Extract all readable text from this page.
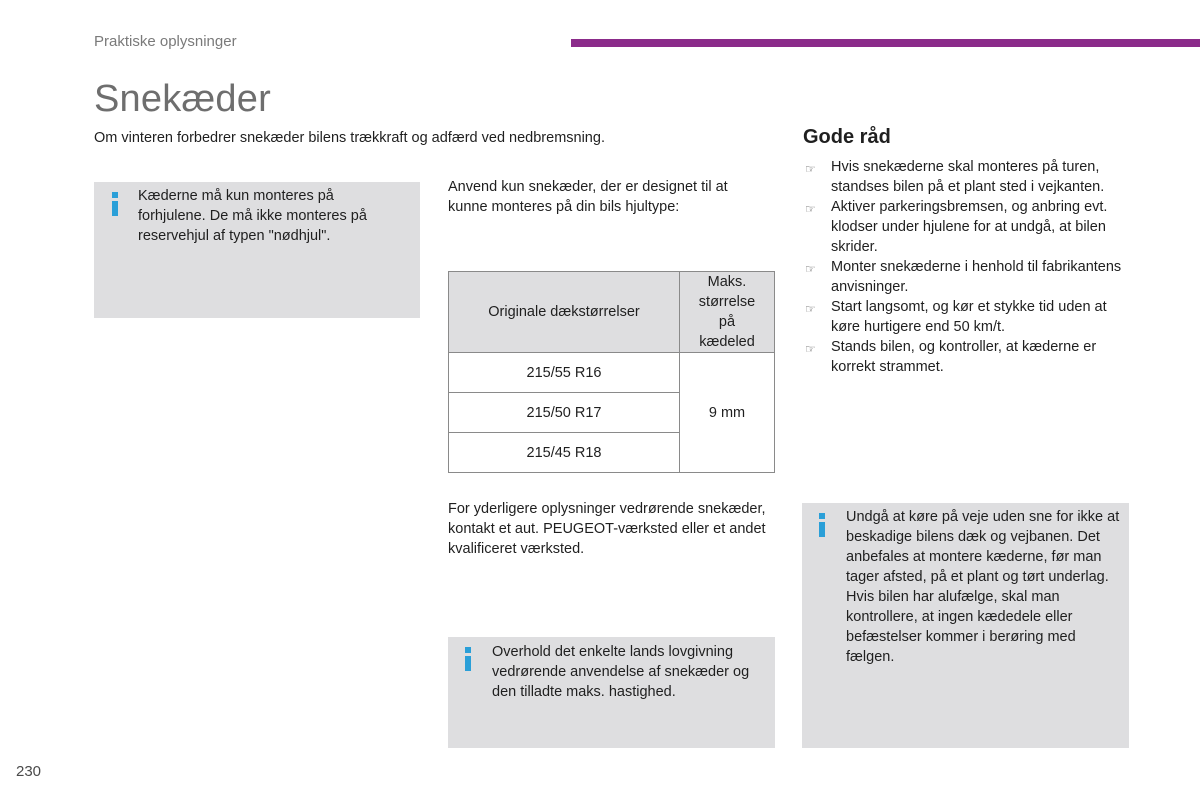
Praktiske oplysninger
Snekæder
Om vinteren forbedrer snekæder bilens trækkraft og adfærd ved nedbremsning.
Kæderne må kun monteres på forhjulene. De må ikke monteres på reservehjul af typen "nødhjul".
Anvend kun snekæder, der er designet til at kunne monteres på din bils hjultype:
Originale dækstørrelser	Maks. størrelse på kædeled
215/55 R16	9 mm
215/50 R17	
215/45 R18	
For yderligere oplysninger vedrørende snekæder, kontakt et aut. PEUGEOT-værksted eller et andet kvalificeret værksted.
Overhold det enkelte lands lovgivning vedrørende anvendelse af snekæder og den tilladte maks. hastighed.
Gode råd
☞ Hvis snekæderne skal monteres på turen, standses bilen på et plant sted i vejkanten.
☞ Aktiver parkeringsbremsen, og anbring evt. klodser under hjulene for at undgå, at bilen skrider.
☞ Monter snekæderne i henhold til fabrikantens anvisninger.
☞ Start langsomt, og kør et stykke tid uden at køre hurtigere end 50 km/t.
☞ Stands bilen, og kontroller, at kæderne er korrekt strammet.
Undgå at køre på veje uden sne for ikke at beskadige bilens dæk og vejbanen. Det anbefales at montere kæderne, før man tager afsted, på et plant og tørt underlag. Hvis bilen har alufælge, skal man kontrollere, at ingen kædedele eller befæstelser kommer i berøring med fælgen.
230
